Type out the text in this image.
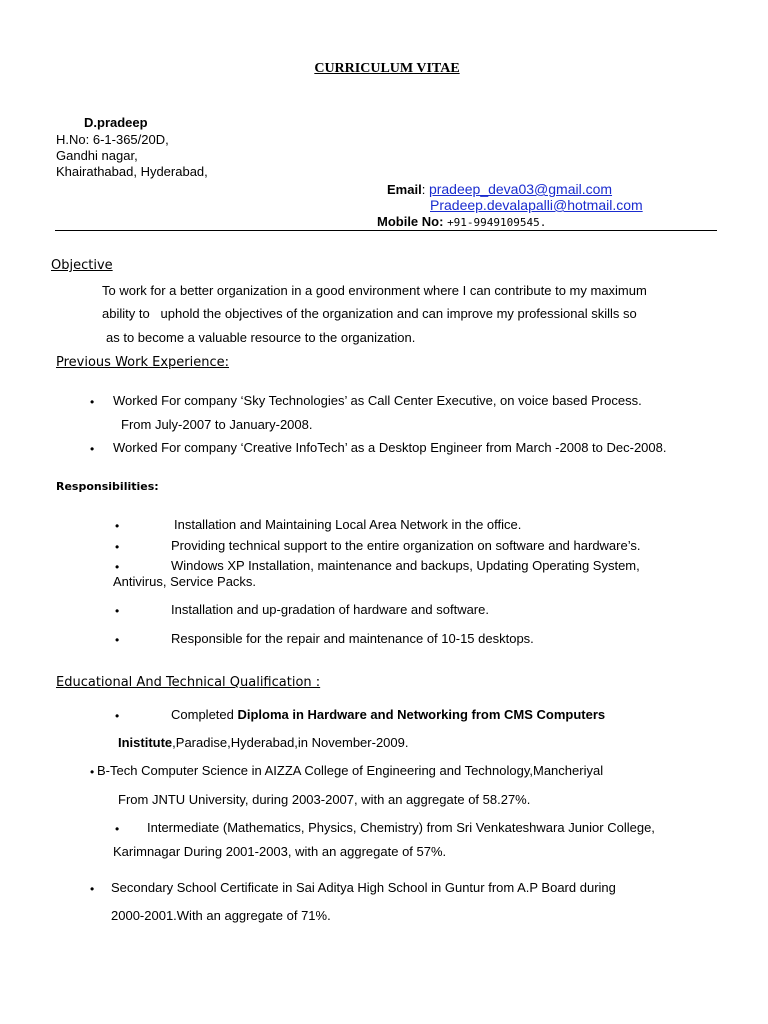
CURRICULUM VITAE
D.pradeep
H.No: 6-1-365/20D,
Gandhi nagar,
Khairathabad, Hyderabad,
Email: pradeep_deva03@gmail.com
Pradeep.devalapalli@hotmail.com
Mobile No: +91-9949109545.
Objective
To work for a better organization in a good environment where I can contribute to my maximum
ability to   uphold the objectives of the organization and can improve my professional skills so
as to become a valuable resource to the organization.
Previous Work Experience:
• Worked For company ‘Sky Technologies’ as Call Center Executive, on voice based Process.
From July-2007 to January-2008.
• Worked For company ‘Creative InfoTech’ as a Desktop Engineer from March -2008 to Dec-2008.
Responsibilities:
•	Installation and Maintaining Local Area Network in the office.
•	Providing technical support to the entire organization on software and hardware’s.
•	Windows XP Installation, maintenance and backups, Updating Operating System,
Antivirus, Service Packs.
•	Installation and up-gradation of hardware and software.
•	Responsible for the repair and maintenance of 10-15 desktops.
Educational And Technical Qualification :
•	Completed Diploma in Hardware and Networking from CMS Computers
Inistitute,Paradise,Hyderabad,in November-2009.
• B-Tech Computer Science in AIZZA College of Engineering and Technology,Mancheriyal
From JNTU University, during 2003-2007, with an aggregate of 58.27%.
• Intermediate (Mathematics, Physics, Chemistry) from Sri Venkateshwara Junior College,
Karimnagar During 2001-2003, with an aggregate of 57%.
• Secondary School Certificate in Sai Aditya High School in Guntur from A.P Board during
2000-2001.With an aggregate of 71%.
